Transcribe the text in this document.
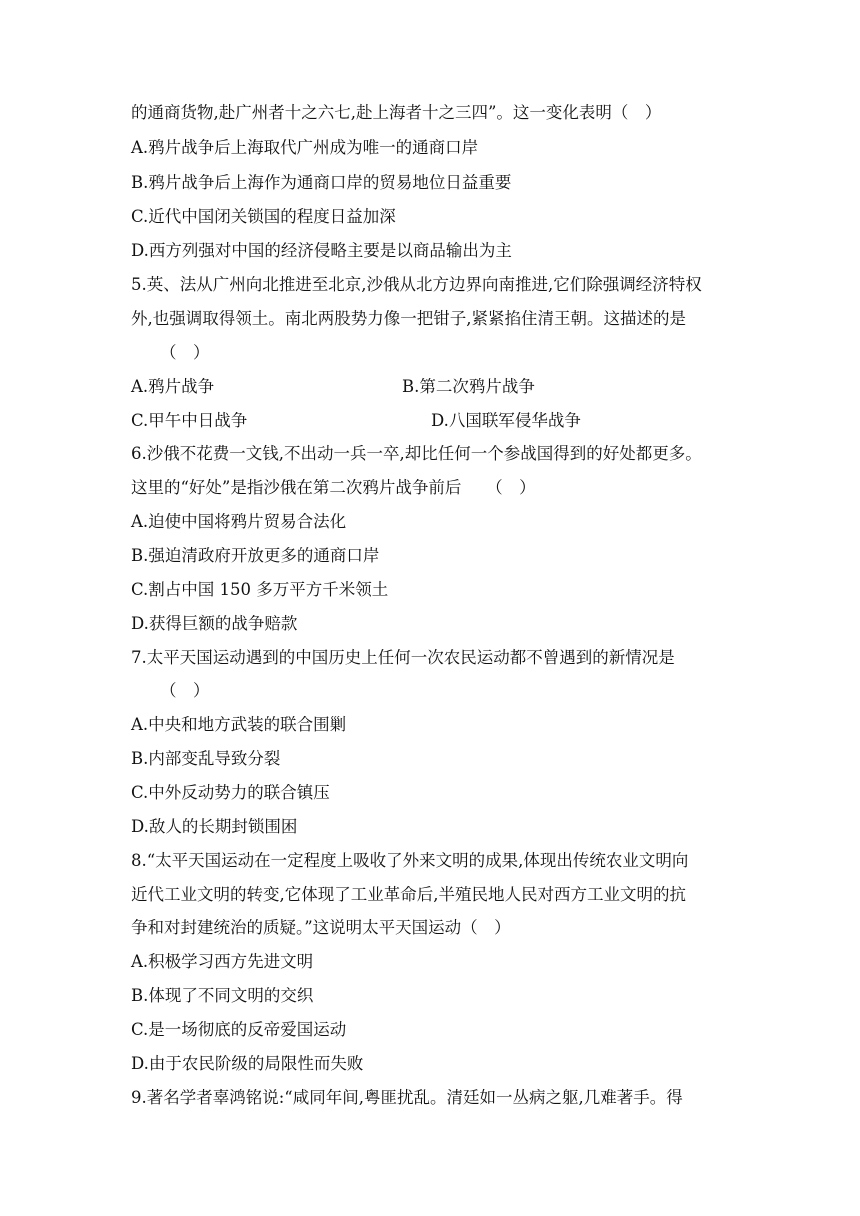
的通商货物,赴广州者十之六七,赴上海者十之三四”。这一变化表明（　）
A.鸦片战争后上海取代广州成为唯一的通商口岸
B.鸦片战争后上海作为通商口岸的贸易地位日益重要
C.近代中国闭关锁国的程度日益加深
D.西方列强对中国的经济侵略主要是以商品输出为主
5.英、法从广州向北推进至北京,沙俄从北方边界向南推进,它们除强调经济特权
外,也强调取得领土。南北两股势力像一把钳子,紧紧掐住清王朝。这描述的是
（　）
A.鸦片战争	B.第二次鸦片战争
C.甲午中日战争	D.八国联军侵华战争
6.沙俄不花费一文钱,不出动一兵一卒,却比任何一个参战国得到的好处都更多。
这里的“好处”是指沙俄在第二次鸦片战争前后　　（　）
A.迫使中国将鸦片贸易合法化
B.强迫清政府开放更多的通商口岸
C.割占中国 150 多万平方千米领土
D.获得巨额的战争赔款
7.太平天国运动遇到的中国历史上任何一次农民运动都不曾遇到的新情况是
（　）
A.中央和地方武装的联合围剿
B.内部变乱导致分裂
C.中外反动势力的联合镇压
D.敌人的长期封锁围困
8.“太平天国运动在一定程度上吸收了外来文明的成果,体现出传统农业文明向
近代工业文明的转变,它体现了工业革命后,半殖民地人民对西方工业文明的抗
争和对封建统治的质疑。”这说明太平天国运动（　）
A.积极学习西方先进文明
B.体现了不同文明的交织
C.是一场彻底的反帝爱国运动
D.由于农民阶级的局限性而失败
9.著名学者辜鸿铭说:“咸同年间,粤匪扰乱。清廷如一丛病之躯,几难著手。得
